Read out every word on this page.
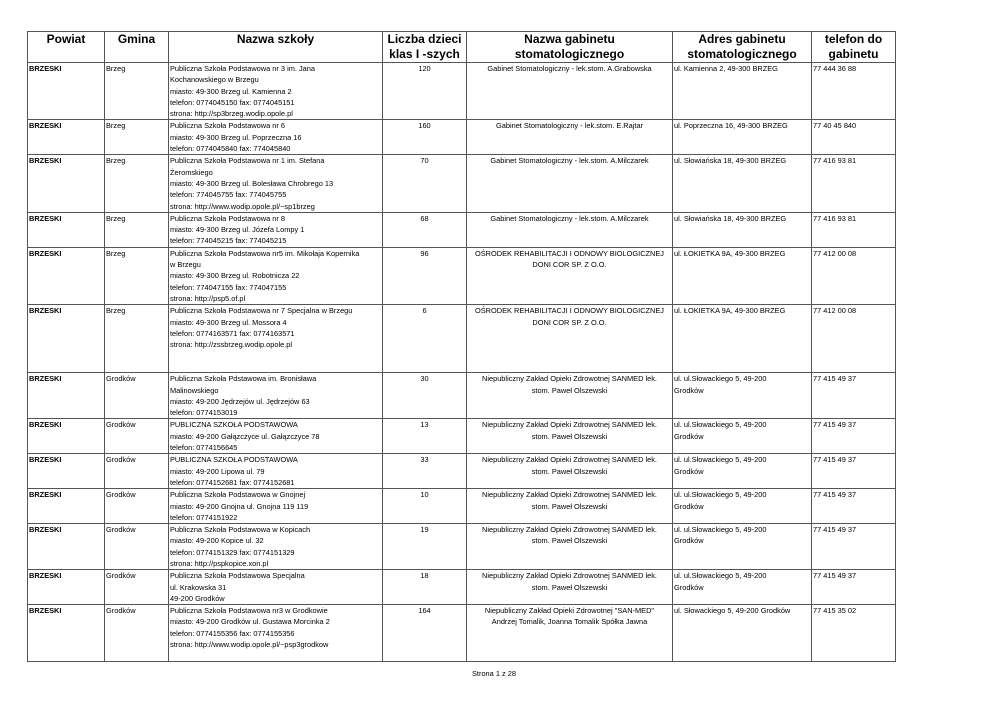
Powiat	Gmina	Nazwa szkoły	Liczba dzieci
klas I -szych	Nazwa gabinetu stomatologicznego	Adres gabinetu
stomatologicznego	telefon do
gabinetu

BRZESKI	Brzeg	Publiczna Szkoła Podstawowa nr 3 im. Jana
Kochanowskiego w Brzegu
miasto: 49-300 Brzeg ul. Kamienna 2
telefon: 0774045150 fax: 0774045151
strona: http://sp3brzeg.wodip.opole.pl	120	Gabinet Stomatologiczny - lek.stom. A.Grabowska	ul. Kamienna 2, 49-300 BRZEG	77 444 36 88
BRZESKI	Brzeg	Publiczna Szkoła Podstawowa nr 6
miasto: 49-300 Brzeg ul. Poprzeczna 16
telefon: 0774045840 fax: 774045840	160	Gabinet Stomatologiczny - lek.stom. E.Rajtar	ul. Poprzeczna 16, 49-300 BRZEG	77 40 45 840
BRZESKI	Brzeg	Publiczna Szkoła Podstawowa nr 1 im. Stefana
Żeromskiego
miasto: 49-300 Brzeg ul. Bolesława Chrobrego 13
telefon: 774045755 fax: 774045755
strona: http://www.wodip.opole.pl/~sp1brzeg	70	Gabinet Stomatologiczny - lek.stom. A.Milczarek	ul. Słowiańska 18, 49-300 BRZEG	77 416 93 81
BRZESKI	Brzeg	Publiczna Szkoła Podstawowa nr 8
miasto: 49-300 Brzeg ul. Józefa Lompy 1
telefon: 774045215 fax: 774045215	68	Gabinet Stomatologiczny - lek.stom. A.Milczarek	ul. Słowiańska 18, 49-300 BRZEG	77 416 93 81
BRZESKI	Brzeg	Publiczna Szkoła Podstawowa nr5 im. Mikołaja Kopernika
w Brzegu
miasto: 49-300 Brzeg ul. Robotnicza 22
telefon: 774047155 fax: 774047155
strona: http://psp5.of.pl	96	OŚRODEK REHABILITACJI I ODNOWY BIOLOGICZNEJ
DONI COR SP. Z O.O.	ul. ŁOKIETKA 9A, 49-300 BRZEG	77 412 00 08
BRZESKI	Brzeg	Publiczna Szkoła Podstawowa nr 7 Specjalna w Brzegu
miasto: 49-300 Brzeg ul. Mossora 4
telefon: 0774163571 fax: 0774163571
strona: http://zssbrzeg.wodip.opole.pl	6	OŚRODEK REHABILITACJI I ODNOWY BIOLOGICZNEJ
DONI COR SP. Z O.O.	ul. ŁOKIETKA 9A, 49-300 BRZEG	77 412 00 08
BRZESKI	Grodków	Publiczna Szkoła Pdstawowa im. Bronisława
Malinowskiego
miasto: 49-200 Jędrzejów ul. Jędrzejów 63
telefon: 0774153019	30	Niepubliczny Zakład Opieki Zdrowotnej SANMED lek.
stom. Paweł Olszewski	ul. ul.Słowackiego 5, 49-200
Grodków	77 415 49 37
BRZESKI	Grodków	PUBLICZNA SZKOŁA PODSTAWOWA
miasto: 49-200 Gałązczyce ul. Gałązczyce 78
telefon: 0774156645	13	Niepubliczny Zakład Opieki Zdrowotnej SANMED lek.
stom. Paweł Olszewski	ul. ul.Słowackiego 5, 49-200
Grodków	77 415 49 37
BRZESKI	Grodków	PUBLICZNA SZKOŁA PODSTAWOWA
miasto: 49-200 Lipowa ul. 79
telefon: 0774152681 fax: 0774152681	33	Niepubliczny Zakład Opieki Zdrowotnej SANMED lek.
stom. Paweł Olszewski	ul. ul.Słowackiego 5, 49-200
Grodków	77 415 49 37
BRZESKI	Grodków	Publiczna Szkoła Podstawowa w Gnojnej
miasto: 49-200 Gnojna ul. Gnojna 119 119
telefon: 0774151922	10	Niepubliczny Zakład Opieki Zdrowotnej SANMED lek.
stom. Paweł Olszewski	ul. ul.Słowackiego 5, 49-200
Grodków	77 415 49 37
BRZESKI	Grodków	Publiczna Szkoła Podstawowa w Kopicach
miasto: 49-200 Kopice ul. 32
telefon: 0774151329 fax: 0774151329
strona: http://pspkopice.xon.pl	19	Niepubliczny Zakład Opieki Zdrowotnej SANMED lek.
stom. Paweł Olszewski	ul. ul.Słowackiego 5, 49-200
Grodków	77 415 49 37
BRZESKI	Grodków	Publiczna Szkoła Podstawowa Specjalna
ul. Krakowska 31
49-200 Grodków	18	Niepubliczny Zakład Opieki Zdrowotnej SANMED lek.
stom. Paweł Olszewski	ul. ul.Słowackiego 5, 49-200
Grodków	77 415 49 37
BRZESKI	Grodków	Publiczna Szkoła Podstawowa nr3 w Grodkowie
miasto: 49-200 Grodków ul. Gustawa Morcinka 2
telefon: 0774155356 fax: 0774155356
strona: http://www.wodip.opole.pl/~psp3grodkow	164	Niepubliczny Zakład Opieki Zdrowotnej "SAN-MED"
Andrzej Tomalik, Joanna Tomalik Spółka Jawna	ul. Słowackiego 5, 49-200 Grodków	77 415 35 02
Strona 1 z 28
